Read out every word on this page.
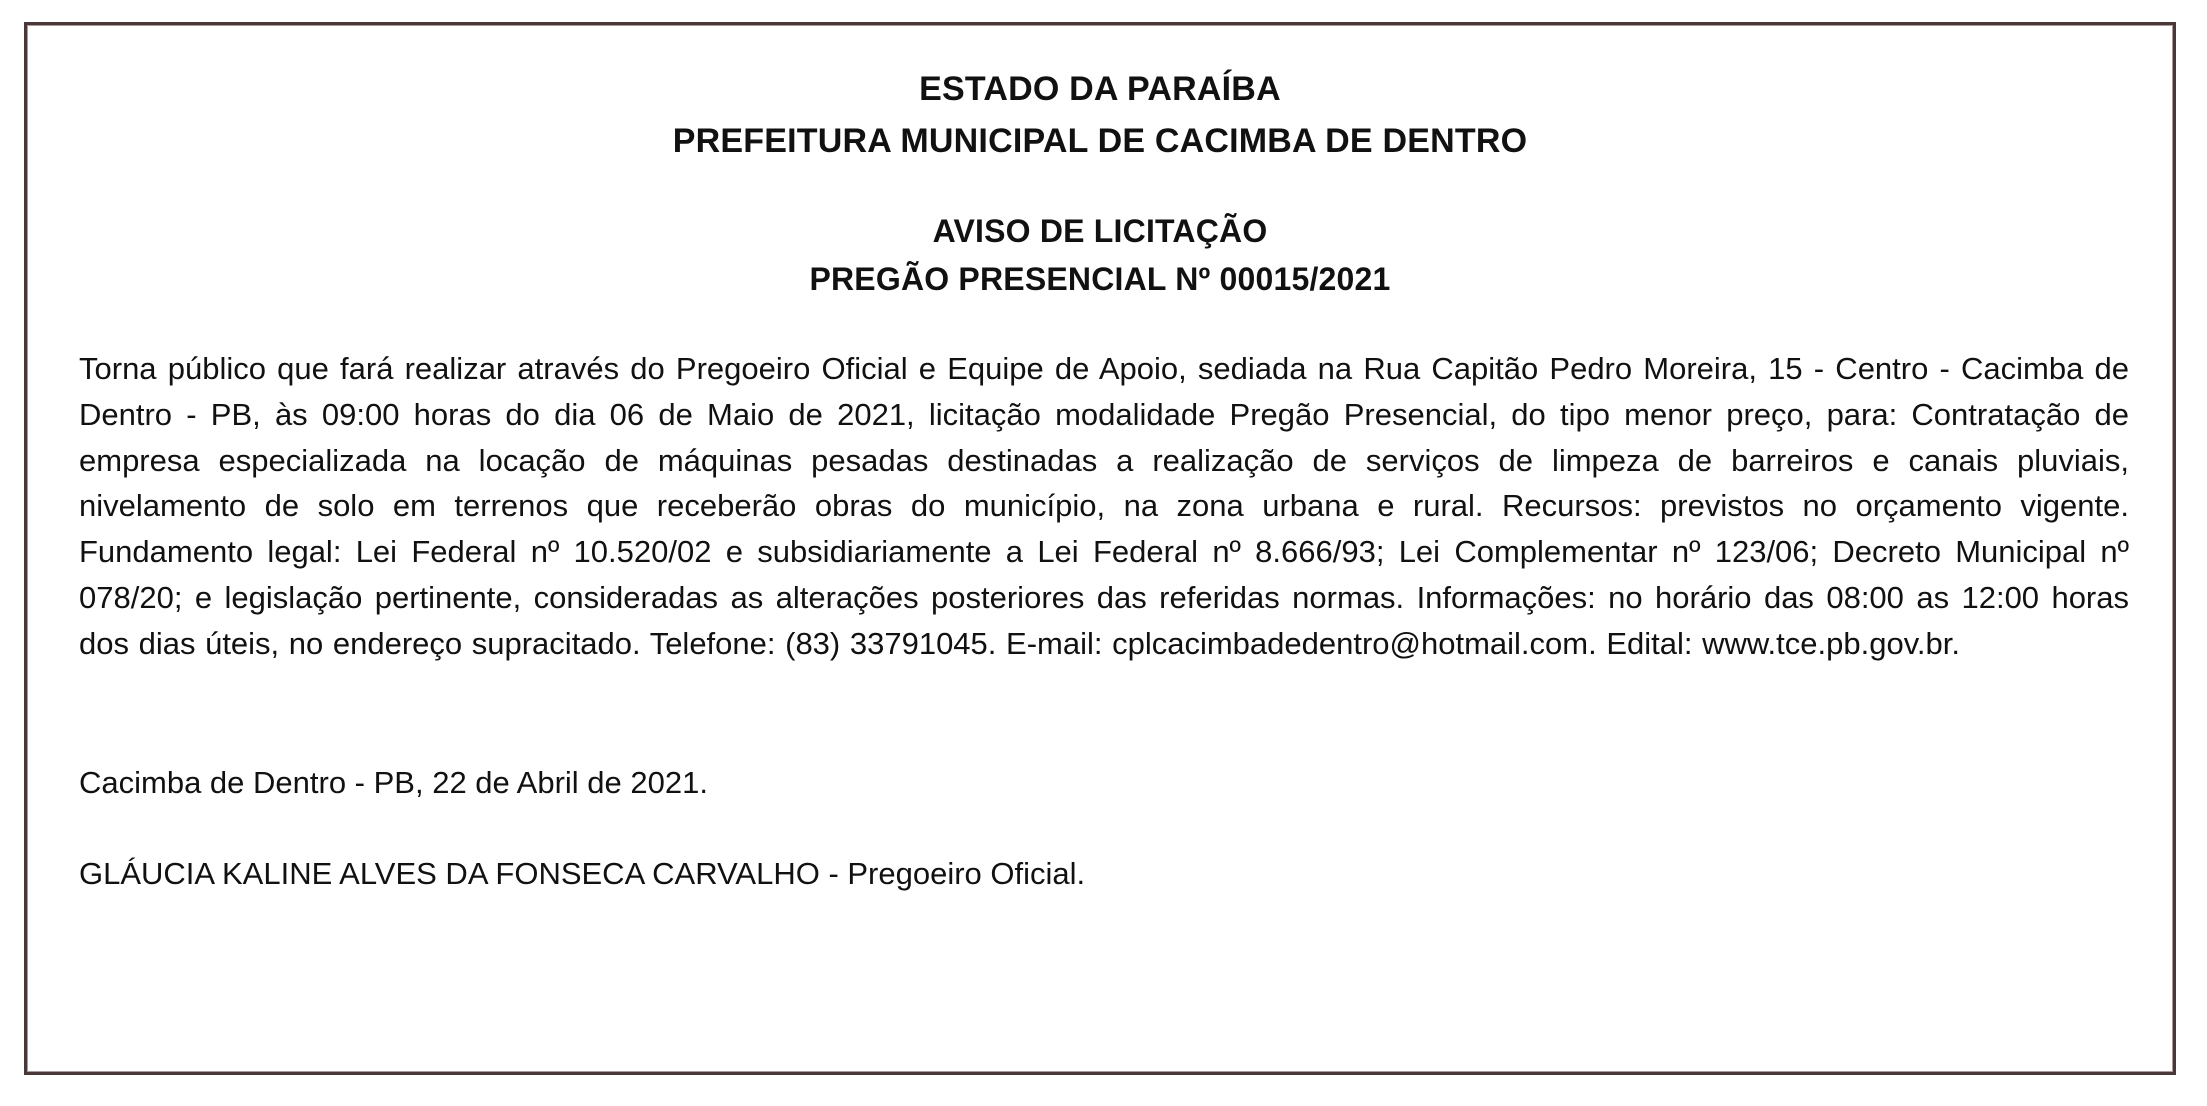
ESTADO DA PARAÍBA
PREFEITURA MUNICIPAL DE CACIMBA DE DENTRO
AVISO DE LICITAÇÃO
PREGÃO PRESENCIAL Nº 00015/2021
Torna público que fará realizar através do Pregoeiro Oficial e Equipe de Apoio, sediada na Rua Capitão Pedro Moreira, 15 - Centro - Cacimba de Dentro - PB, às 09:00 horas do dia 06 de Maio de 2021, licitação modalidade Pregão Presencial, do tipo menor preço, para: Contratação de empresa especializada na locação de máquinas pesadas destinadas a realização de serviços de limpeza de barreiros e canais pluviais, nivelamento de solo em terrenos que receberão obras do município, na zona urbana e rural. Recursos: previstos no orçamento vigente. Fundamento legal: Lei Federal nº 10.520/02 e subsidiariamente a Lei Federal nº 8.666/93; Lei Complementar nº 123/06; Decreto Municipal nº 078/20; e legislação pertinente, consideradas as alterações posteriores das referidas normas. Informações: no horário das 08:00 as 12:00 horas dos dias úteis, no endereço supracitado. Telefone: (83) 33791045. E-mail: cplcacimbadedentro@hotmail.com. Edital: www.tce.pb.gov.br.
Cacimba de Dentro - PB, 22 de Abril de 2021.
GLÁUCIA KALINE ALVES DA FONSECA CARVALHO - Pregoeiro Oficial.
